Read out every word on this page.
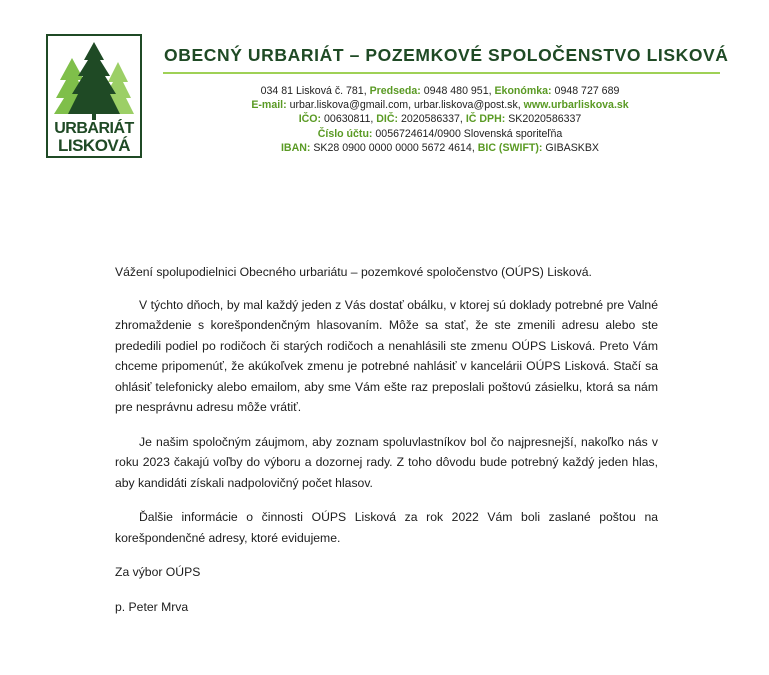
URBARIÁT
LISKOVÁ
OBECNÝ URBARIÁT – POZEMKOVÉ SPOLOČENSTVO LISKOVÁ
034 81 Lisková č. 781, Predseda: 0948 480 951, Ekonómka: 0948 727 689
E-mail: urbar.liskova@gmail.com, urbar.liskova@post.sk, www.urbarliskova.sk
IČO: 00630811, DIČ: 2020586337, IČ DPH: SK2020586337
Číslo účtu: 0056724614/0900 Slovenská sporiteľňa
IBAN: SK28 0900 0000 0000 5672 4614, BIC (SWIFT): GIBASKBX

Vážení spolupodielnici Obecného urbariátu – pozemkové spoločenstvo (OÚPS) Lisková.

V týchto dňoch, by mal každý jeden z Vás dostať obálku, v ktorej sú doklady potrebné pre Valné zhromaždenie s korešpondenčným hlasovaním. Môže sa stať, že ste zmenili adresu alebo ste prededili podiel po rodičoch či starých rodičoch a nenahlásili ste zmenu OÚPS Lisková. Preto Vám chceme pripomenúť, že akúkoľvek zmenu je potrebné nahlásiť v kancelárii OÚPS Lisková. Stačí sa ohlásiť telefonicky alebo emailom, aby sme Vám ešte raz preposlali poštovú zásielku, ktorá sa nám pre nesprávnu adresu môže vrátiť.

Je našim spoločným záujmom, aby zoznam spoluvlastníkov bol čo najpresnejší, nakoľko nás v roku 2023 čakajú voľby do výboru a dozornej rady. Z toho dôvodu bude potrebný každý jeden hlas, aby kandidáti získali nadpolovičný počet hlasov.

Ďalšie informácie o činnosti OÚPS Lisková za rok 2022 Vám boli zaslané poštou na korešpondenčné adresy, ktoré evidujeme.

Za výbor OÚPS

p. Peter Mrva
